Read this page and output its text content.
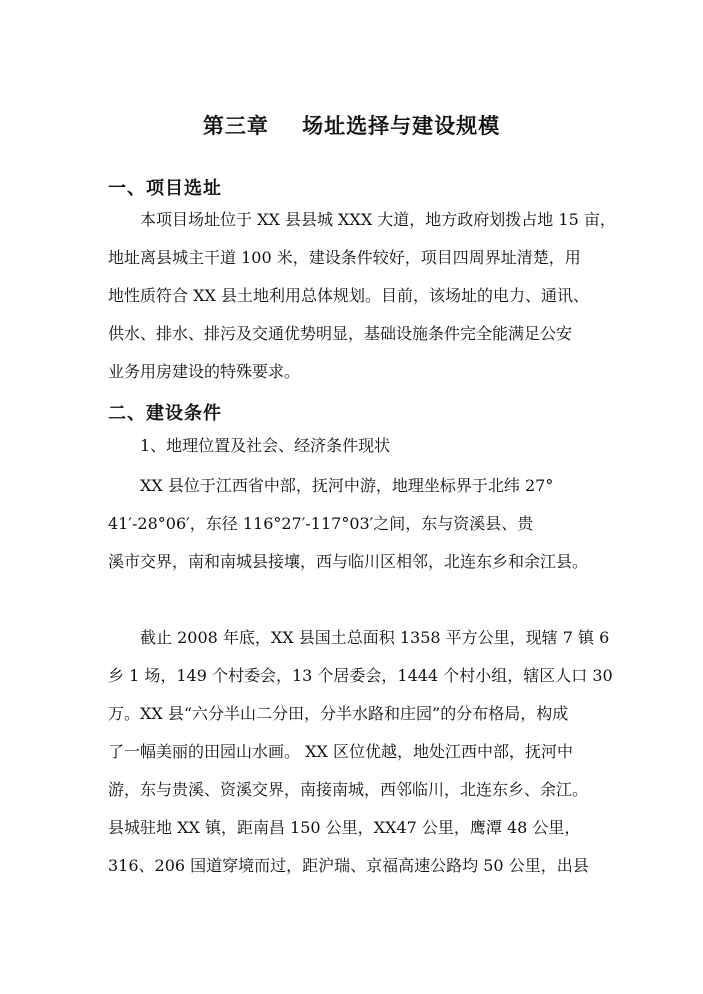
第三章    场址选择与建设规模
一、项目选址
本项目场址位于 XX 县县城 XXX 大道，地方政府划拨占地 15 亩，
地址离县城主干道 100 米，建设条件较好，项目四周界址清楚，用
地性质符合 XX 县土地利用总体规划。目前，该场址的电力、通讯、
供水、排水、排污及交通优势明显，基础设施条件完全能满足公安
业务用房建设的特殊要求。
二、建设条件
1、地理位置及社会、经济条件现状
XX 县位于江西省中部，抚河中游，地理坐标界于北纬 27°
41′-28°06′，东径 116°27′-117°03′之间，东与资溪县、贵
溪市交界，南和南城县接壤，西与临川区相邻，北连东乡和余江县。
截止 2008 年底，XX 县国土总面积 1358 平方公里，现辖 7 镇 6
乡 1 场，149 个村委会，13 个居委会，1444 个村小组，辖区人口 30
万。XX 县“六分半山二分田，分半水路和庄园”的分布格局，构成
了一幅美丽的田园山水画。 XX 区位优越，地处江西中部，抚河中
游，东与贵溪、资溪交界，南接南城，西邻临川，北连东乡、余江。
县城驻地 XX 镇，距南昌 150 公里，XX47 公里，鹰潭 48 公里，
316、206 国道穿境而过，距沪瑞、京福高速公路均 50 公里，出县
